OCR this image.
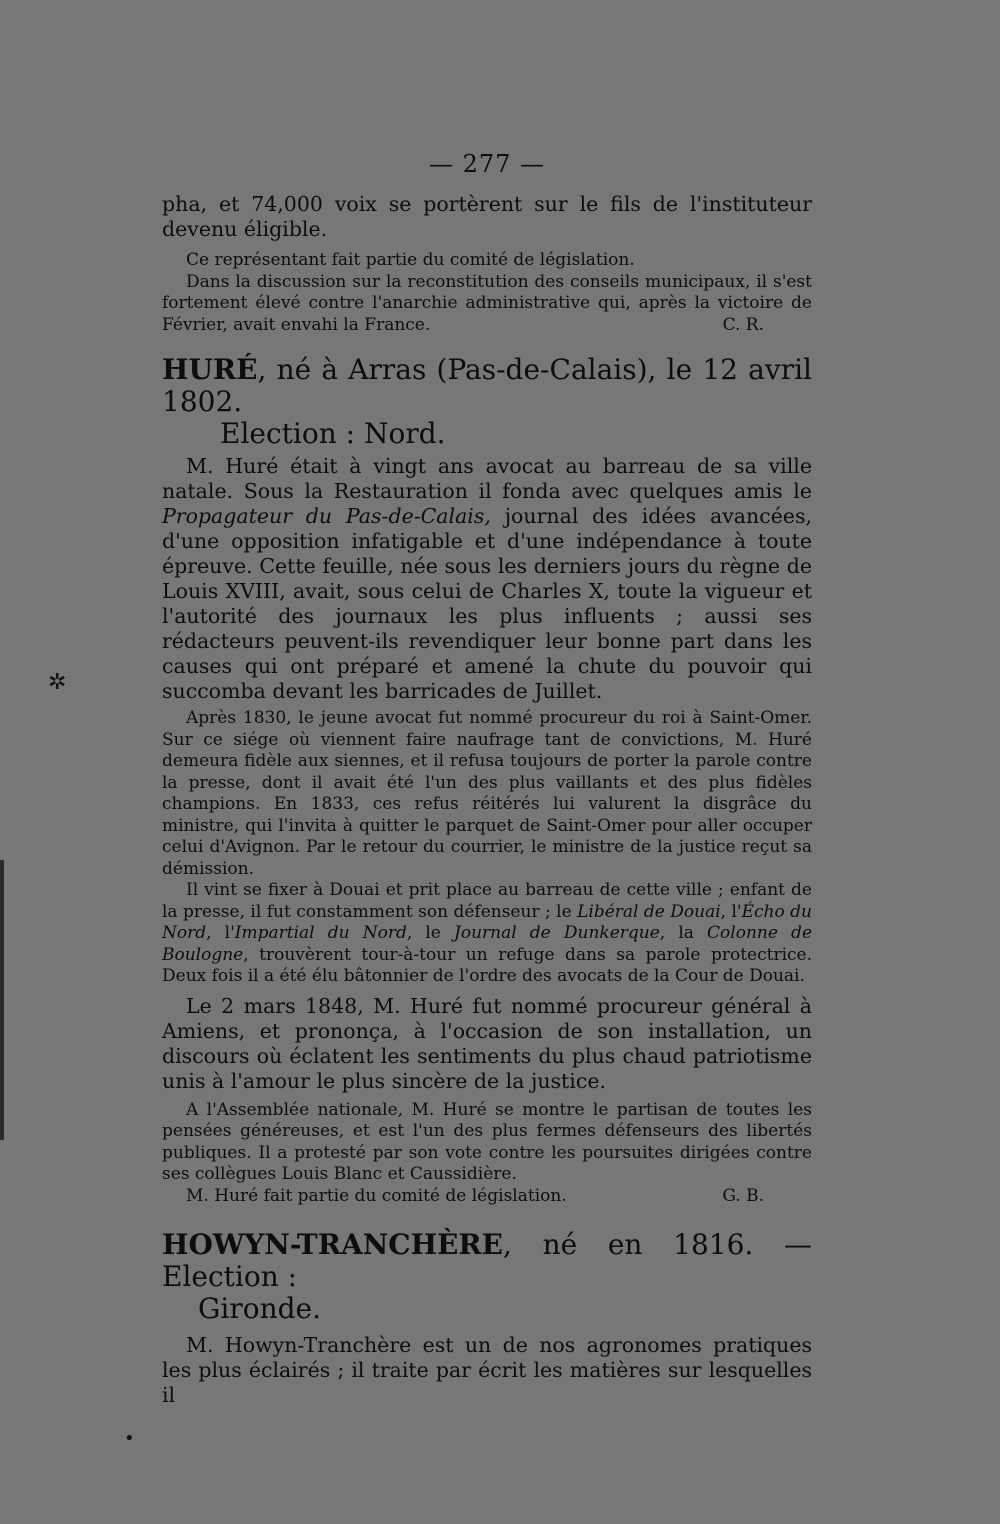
✲
•
— 277 —

pha, et 74,000 voix se portèrent sur le fils de l'instituteur devenu éligible.

Ce représentant fait partie du comité de législation.

Dans la discussion sur la reconstitution des conseils municipaux, il s'est fortement élevé contre l'anarchie administrative qui, après la victoire de Février, avait envahi la France.	C. R.

HURÉ, né à Arras (Pas-de-Calais), le 12 avril 1802.
Election : Nord.

M. Huré était à vingt ans avocat au barreau de sa ville natale. Sous la Restauration il fonda avec quelques amis le Propagateur du Pas-de-Calais, journal des idées avancées, d'une opposition infatigable et d'une indépendance à toute épreuve. Cette feuille, née sous les derniers jours du règne de Louis XVIII, avait, sous celui de Charles X, toute la vigueur et l'autorité des journaux les plus influents ; aussi ses rédacteurs peuvent-ils revendiquer leur bonne part dans les causes qui ont préparé et amené la chute du pouvoir qui succomba devant les barricades de Juillet.

Après 1830, le jeune avocat fut nommé procureur du roi à Saint-Omer. Sur ce siége où viennent faire naufrage tant de convictions, M. Huré demeura fidèle aux siennes, et il refusa toujours de porter la parole contre la presse, dont il avait été l'un des plus vaillants et des plus fidèles champions. En 1833, ces refus réitérés lui valurent la disgrâce du ministre, qui l'invita à quitter le parquet de Saint-Omer pour aller occuper celui d'Avignon. Par le retour du courrier, le ministre de la justice reçut sa démission.

Il vint se fixer à Douai et prit place au barreau de cette ville ; enfant de la presse, il fut constamment son défenseur ; le Libéral de Douai, l'Écho du Nord, l'Impartial du Nord, le Journal de Dunkerque, la Colonne de Boulogne, trouvèrent tour-à-tour un refuge dans sa parole protectrice. Deux fois il a été élu bâtonnier de l'ordre des avocats de la Cour de Douai.

Le 2 mars 1848, M. Huré fut nommé procureur général à Amiens, et prononça, à l'occasion de son installation, un discours où éclatent les sentiments du plus chaud patriotisme unis à l'amour le plus sincère de la justice.

A l'Assemblée nationale, M. Huré se montre le partisan de toutes les pensées généreuses, et est l'un des plus fermes défenseurs des libertés publiques. Il a protesté par son vote contre les poursuites dirigées contre ses collègues Louis Blanc et Caussidière.

M. Huré fait partie du comité de législation.	G. B.

HOWYN-TRANCHÈRE, né en 1816. — Election :
Gironde.

M. Howyn-Tranchère est un de nos agronomes pratiques les plus éclairés ; il traite par écrit les matières sur lesquelles il
